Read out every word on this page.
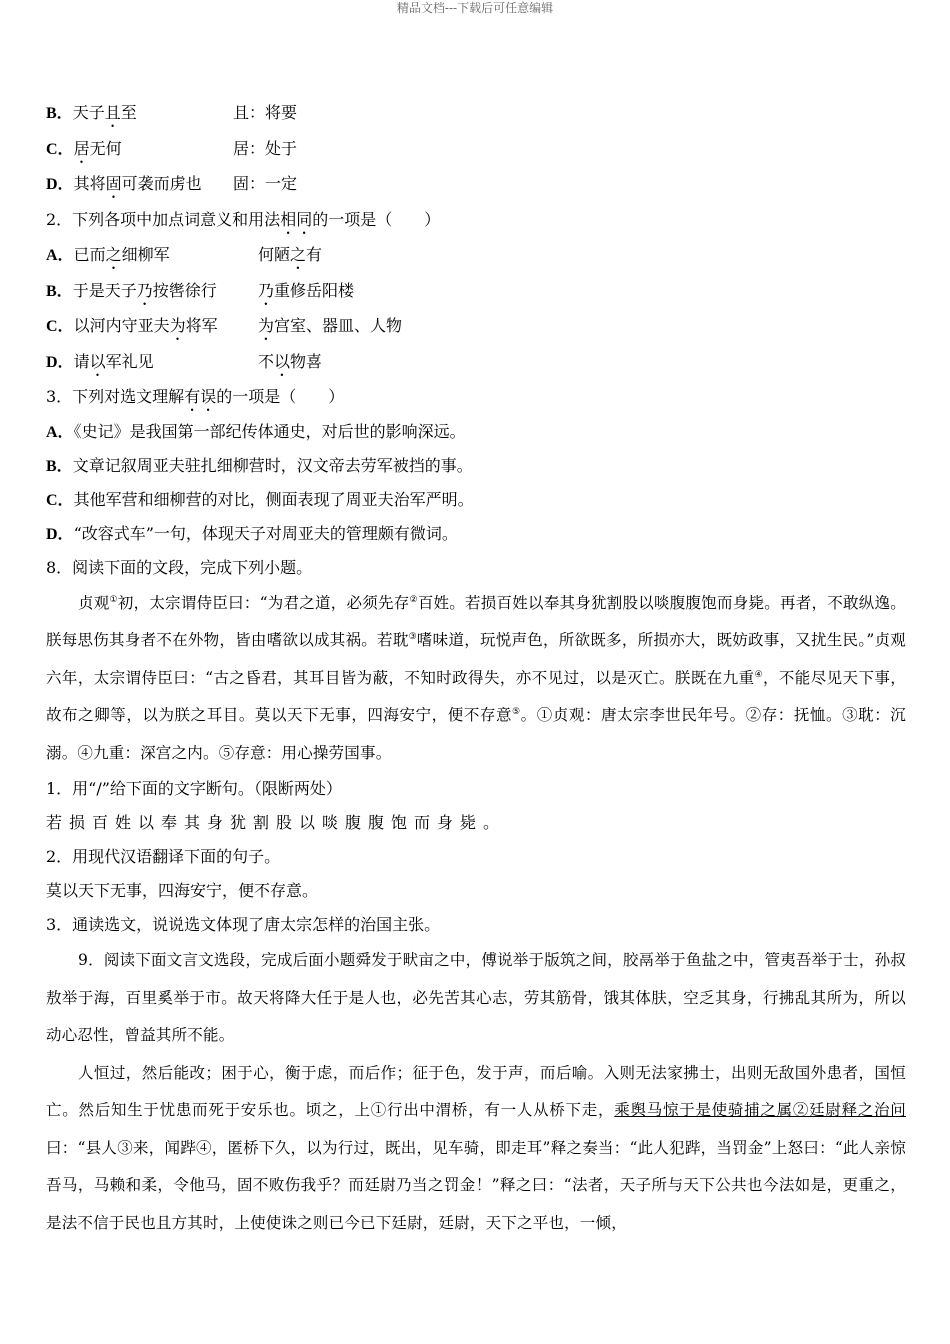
精品文档---下载后可任意编辑
B．天子且至	且：将要
C．居无何	居：处于
D．其将固可袭而虏也 固：一定
2．下列各项中加点词意义和用法相同的一项是（　　）
A．已而之细柳军	何陋之有
B．于是天子乃按辔徐行	乃重修岳阳楼
C．以河内守亚夫为将军	为宫室、器皿、人物
D．请以军礼见	不以物喜
3．下列对选文理解有误的一项是（　　）
A．《史记》是我国第一部纪传体通史，对后世的影响深远。
B．文章记叙周亚夫驻扎细柳营时，汉文帝去劳军被挡的事。
C．其他军营和细柳营的对比，侧面表现了周亚夫治军严明。
D．“改容式车”一句，体现天子对周亚夫的管理颇有微词。
8．阅读下面的文段，完成下列小题。
贞观①初，太宗谓侍臣曰：“为君之道，必须先存②百姓。若损百姓以奉其身犹割股以啖腹腹饱而身毙。再者，不敢纵逸。朕每思伤其身者不在外物，皆由嗜欲以成其祸。若耽③嗜味道，玩悦声色，所欲既多，所损亦大，既妨政事，又扰生民。”贞观六年，太宗谓侍臣曰：“古之昏君，其耳目皆为蔽，不知时政得失，亦不见过，以是灭亡。朕既在九重④，不能尽见天下事，故布之卿等，以为朕之耳目。莫以天下无事，四海安宁，便不存意⑤。①贞观：唐太宗李世民年号。②存：抚恤。③耽：沉溺。④九重：深宫之内。⑤存意：用心操劳国事。
1．用“/”给下面的文字断句。（限断两处）
若损百姓以奉其身犹割股以啖腹腹饱而身毙。
2．用现代汉语翻译下面的句子。
莫以天下无事，四海安宁，便不存意。
3．通读选文，说说选文体现了唐太宗怎样的治国主张。
9．阅读下面文言文选段，完成后面小题舜发于畎亩之中，傅说举于版筑之间，胶鬲举于鱼盐之中，管夷吾举于士，孙叔敖举于海，百里奚举于市。故天将降大任于是人也，必先苦其心志，劳其筋骨，饿其体肤，空乏其身，行拂乱其所为，所以动心忍性，曾益其所不能。
人恒过，然后能改；困于心，衡于虑，而后作；征于色，发于声，而后喻。入则无法家拂士，出则无敌国外患者，国恒亡。然后知生于忧患而死于安乐也。顷之，上①行出中渭桥，有一人从桥下走，乘舆马惊于是使骑捕之属②廷尉释之治问曰：“县人③来，闻跸④，匿桥下久，以为行过，既出，见车骑，即走耳”释之奏当：“此人犯跸，当罚金”上怒曰：“此人亲惊吾马，马赖和柔，令他马，固不败伤我乎？而廷尉乃当之罚金！”释之曰：“法者，天子所与天下公共也今法如是，更重之，是法不信于民也且方其时，上使使诛之则已今已下廷尉，廷尉，天下之平也，一倾，
